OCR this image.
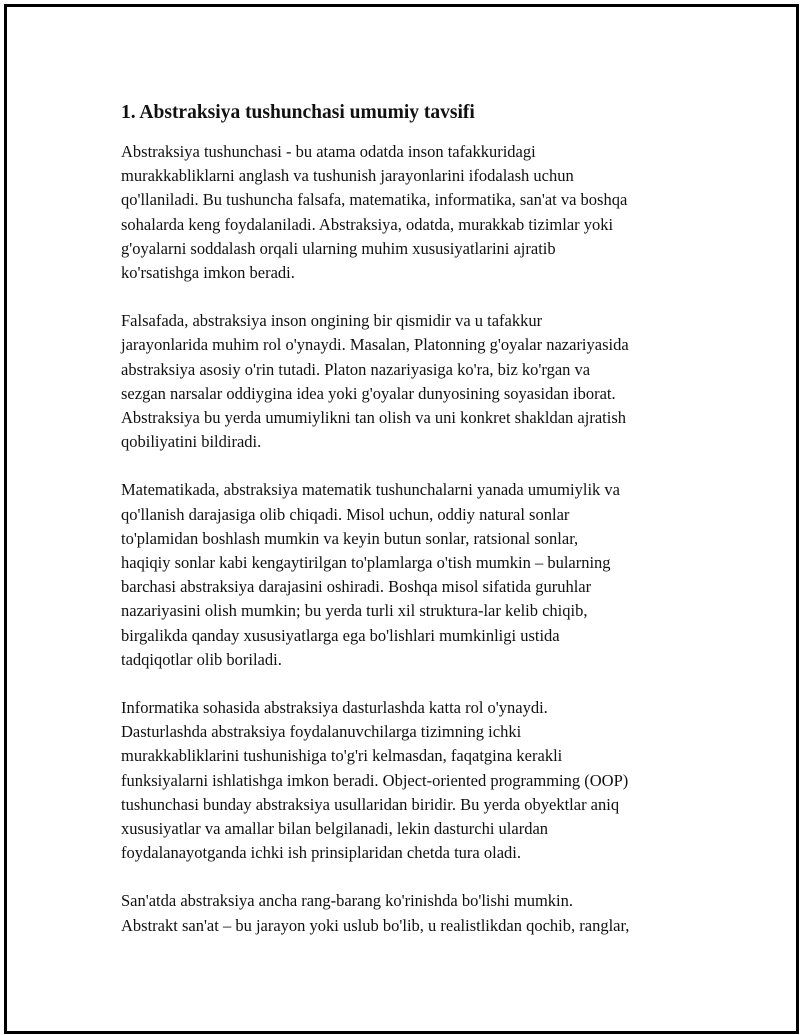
1. Abstraksiya tushunchasi umumiy tavsifi

Abstraksiya tushunchasi - bu atama odatda inson tafakkuridagi
murakkabliklarni anglash va tushunish jarayonlarini ifodalash uchun
qo'llaniladi. Bu tushuncha falsafa, matematika, informatika, san'at va boshqa
sohalarda keng foydalaniladi. Abstraksiya, odatda, murakkab tizimlar yoki
g'oyalarni soddalash orqali ularning muhim xususiyatlarini ajratib
ko'rsatishga imkon beradi.

Falsafada, abstraksiya inson ongining bir qismidir va u tafakkur
jarayonlarida muhim rol o'ynaydi. Masalan, Platonning g'oyalar nazariyasida
abstraksiya asosiy o'rin tutadi. Platon nazariyasiga ko'ra, biz ko'rgan va
sezgan narsalar oddiygina idea yoki g'oyalar dunyosining soyasidan iborat.
Abstraksiya bu yerda umumiylikni tan olish va uni konkret shakldan ajratish
qobiliyatini bildiradi.

Matematikada, abstraksiya matematik tushunchalarni yanada umumiylik va
qo'llanish darajasiga olib chiqadi. Misol uchun, oddiy natural sonlar
to'plamidan boshlash mumkin va keyin butun sonlar, ratsional sonlar,
haqiqiy sonlar kabi kengaytirilgan to'plamlarga o'tish mumkin – bularning
barchasi abstraksiya darajasini oshiradi. Boshqa misol sifatida guruhlar
nazariyasini olish mumkin; bu yerda turli xil struktura-lar kelib chiqib,
birgalikda qanday xususiyatlarga ega bo'lishlari mumkinligi ustida
tadqiqotlar olib boriladi.

Informatika sohasida abstraksiya dasturlashda katta rol o'ynaydi.
Dasturlashda abstraksiya foydalanuvchilarga tizimning ichki
murakkabliklarini tushunishiga to'g'ri kelmasdan, faqatgina kerakli
funksiyalarni ishlatishga imkon beradi. Object-oriented programming (OOP)
tushunchasi bunday abstraksiya usullaridan biridir. Bu yerda obyektlar aniq
xususiyatlar va amallar bilan belgilanadi, lekin dasturchi ulardan
foydalanayotganda ichki ish prinsiplaridan chetda tura oladi.

San'atda abstraksiya ancha rang-barang ko'rinishda bo'lishi mumkin.
Abstrakt san'at – bu jarayon yoki uslub bo'lib, u realistlikdan qochib, ranglar,
